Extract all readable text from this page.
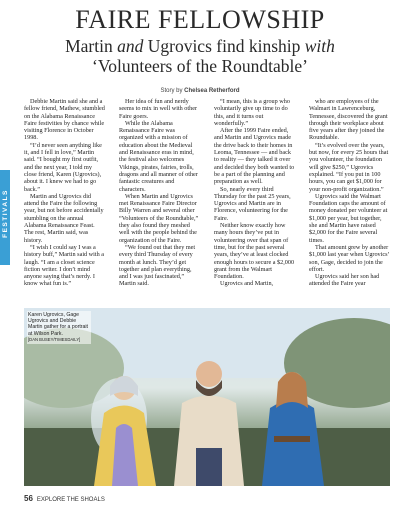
FAIRE FELLOWSHIP
Martin and Ugrovics find kinship with
‘Volunteers of the Roundtable’
Story by Chelsea Retherford
FESTIVALS

Debbie Martin said she and a fellow friend, Mathew, stumbled on the Alabama Renaissance Faire festivities by chance while visiting Florence in October 1998.

“I’d never seen anything like it, and I fell in love,” Martin said. “I bought my first outfit, and the next year, I told my close friend, Karen (Ugrovics), about it. I knew we had to go back.”

Martin and Ugrovics did attend the Faire the following year, but not before accidentally stumbling on the annual Alabama Renaissance Feast. The rest, Martin said, was history.

“I wish I could say I was a history buff,” Martin said with a laugh. “I am a closet science fiction writer. I don’t mind anyone saying that’s nerdy. I know what fun is.”

Her idea of fun and nerdy seems to mix in well with other Faire goers.

While the Alabama Renaissance Faire was organized with a mission of education about the Medieval and Renaissance eras in mind, the festival also welcomes Vikings, pirates, fairies, trolls, dragons and all manner of other fantastic creatures and characters.

When Martin and Ugrovics met Renaissance Faire Director Billy Warren and several other “Volunteers of the Roundtable,” they also found they meshed well with the people behind the organization of the Faire.

“We found out that they met every third Thursday of every month at lunch. They’d get together and plan everything, and I was just fascinated,” Martin said.

“I mean, this is a group who voluntarily give up time to do this, and it turns out wonderfully.”

After the 1999 Faire ended, and Martin and Ugrovics made the drive back to their homes in Leoma, Tennessee — and back to reality — they talked it over and decided they both wanted to be a part of the planning and preparation as well.

So, nearly every third Thursday for the past 25 years, Ugrovics and Martin are in Florence, volunteering for the Faire.

Neither know exactly how many hours they’ve put in volunteering over that span of time, but for the past several years, they’ve at least clocked enough hours to secure a $2,000 grant from the Walmart Foundation.

Ugrovics and Martin,

who are employees of the Walmart in Lawrenceburg, Tennessee, discovered the grant through their workplace about five years after they joined the Roundtable.

“It’s evolved over the years, but now, for every 25 hours that you volunteer, the foundation will give $250,” Ugrovics explained. “If you put in 100 hours, you can get $1,000 for your non-profit organization.”

Ugrovics said the Walmart Foundation caps the amount of money donated per volunteer at $1,000 per year, but together, she and Martin have raised $2,000 for the Faire several times.

That amount grew by another $1,000 last year when Ugrovics’ son, Gage, decided to join the effort.

Ugrovics said her son had attended the Faire year

Karen Ugrovics, Gage Ugrovics and Debbie Martin gather for a portrait at Wilson Park.
[DAN BUSEY/TIMESDAILY]
56 EXPLORE THE SHOALS
